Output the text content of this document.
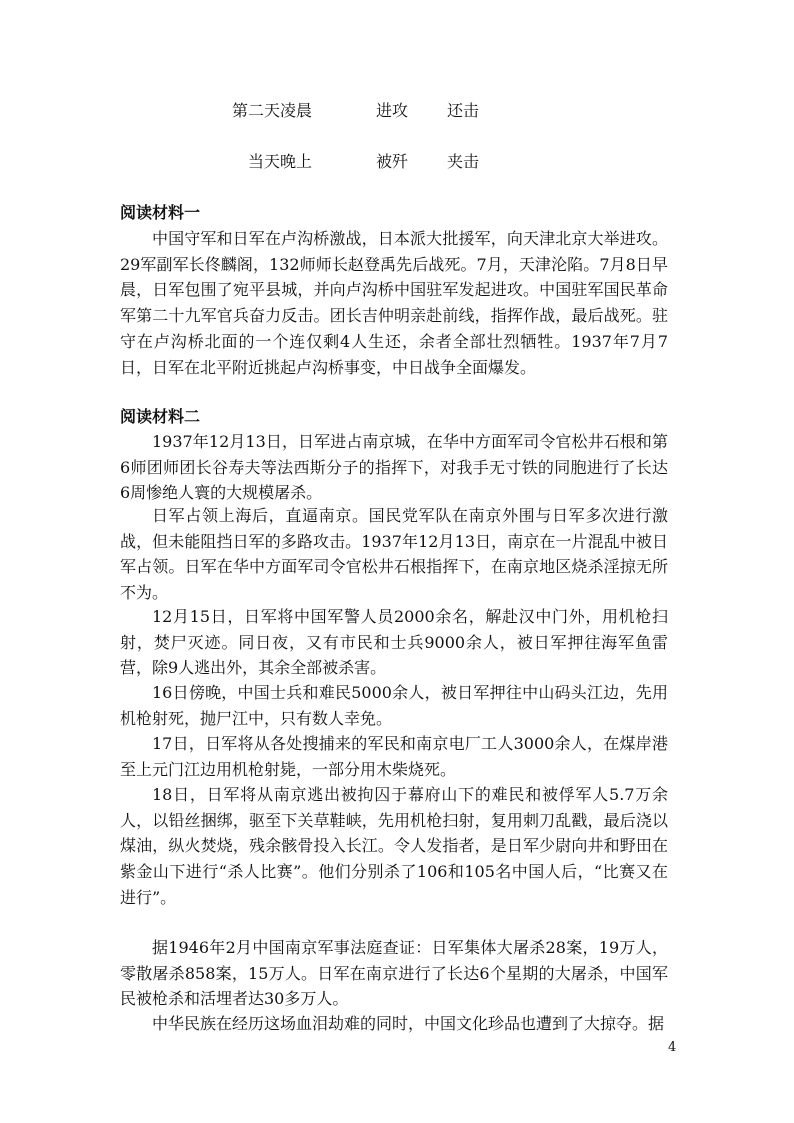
第二天凌晨	进攻 还击
当天晚上	被歼 夹击
阅读材料一
中国守军和日军在卢沟桥激战，日本派大批援军，向天津北京大举进攻。29军副军长佟麟阁，132师师长赵登禹先后战死。7月，天津沦陷。7月8日早晨，日军包围了宛平县城，并向卢沟桥中国驻军发起进攻。中国驻军国民革命军第二十九军官兵奋力反击。团长吉仲明亲赴前线，指挥作战，最后战死。驻守在卢沟桥北面的一个连仅剩4人生还，余者全部壮烈牺牲。1937年7月7日，日军在北平附近挑起卢沟桥事变，中日战争全面爆发。
阅读材料二
1937年12月13日，日军进占南京城，在华中方面军司令官松井石根和第6师团师团长谷寿夫等法西斯分子的指挥下，对我手无寸铁的同胞进行了长达6周惨绝人寰的大规模屠杀。
日军占领上海后，直逼南京。国民党军队在南京外围与日军多次进行激战，但未能阻挡日军的多路攻击。1937年12月13日，南京在一片混乱中被日军占领。日军在华中方面军司令官松井石根指挥下，在南京地区烧杀淫掠无所不为。
12月15日，日军将中国军警人员2000余名，解赴汉中门外，用机枪扫射，焚尸灭迹。同日夜，又有市民和士兵9000余人，被日军押往海军鱼雷营，除9人逃出外，其余全部被杀害。
16日傍晚，中国士兵和难民5000余人，被日军押往中山码头江边，先用机枪射死，抛尸江中，只有数人幸免。
17日，日军将从各处搜捕来的军民和南京电厂工人3000余人，在煤岸港至上元门江边用机枪射毙，一部分用木柴烧死。
18日，日军将从南京逃出被拘囚于幕府山下的难民和被俘军人5.7万余人，以铅丝捆绑，驱至下关草鞋峡，先用机枪扫射，复用刺刀乱戳，最后浇以煤油，纵火焚烧，残余骸骨投入长江。令人发指者，是日军少尉向井和野田在紫金山下进行“杀人比赛”。他们分别杀了106和105名中国人后，“比赛又在进行”。
据1946年2月中国南京军事法庭查证：日军集体大屠杀28案，19万人，零散屠杀858案，15万人。日军在南京进行了长达6个星期的大屠杀，中国军民被枪杀和活埋者达30多万人。
中华民族在经历这场血泪劫难的同时，中国文化珍品也遭到了大掠夺。据
4
